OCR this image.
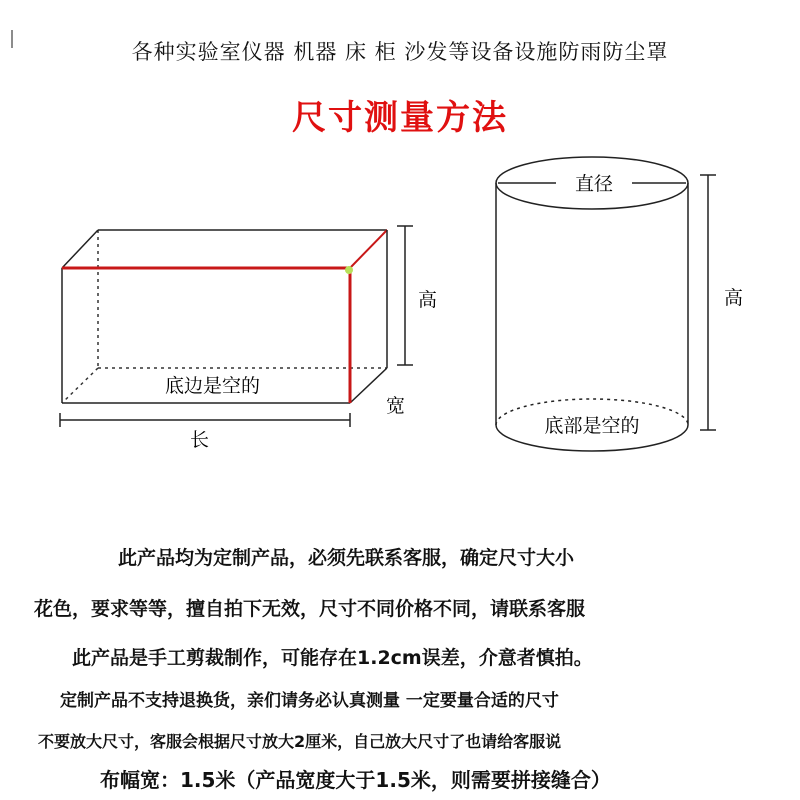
各种实验室仪器 机器 床 柜 沙发等设备设施防雨防尘罩
尺寸测量方法
高
宽
底边是空的
长
直径
高
底部是空的
此产品均为定制产品，必须先联系客服，确定尺寸大小
花色，要求等等，擅自拍下无效，尺寸不同价格不同，请联系客服
此产品是手工剪裁制作，可能存在1.2cm误差，介意者慎拍。
定制产品不支持退换货，亲们请务必认真测量 一定要量合适的尺寸
不要放大尺寸，客服会根据尺寸放大2厘米，自己放大尺寸了也请给客服说
布幅宽：1.5米（产品宽度大于1.5米，则需要拼接缝合）
